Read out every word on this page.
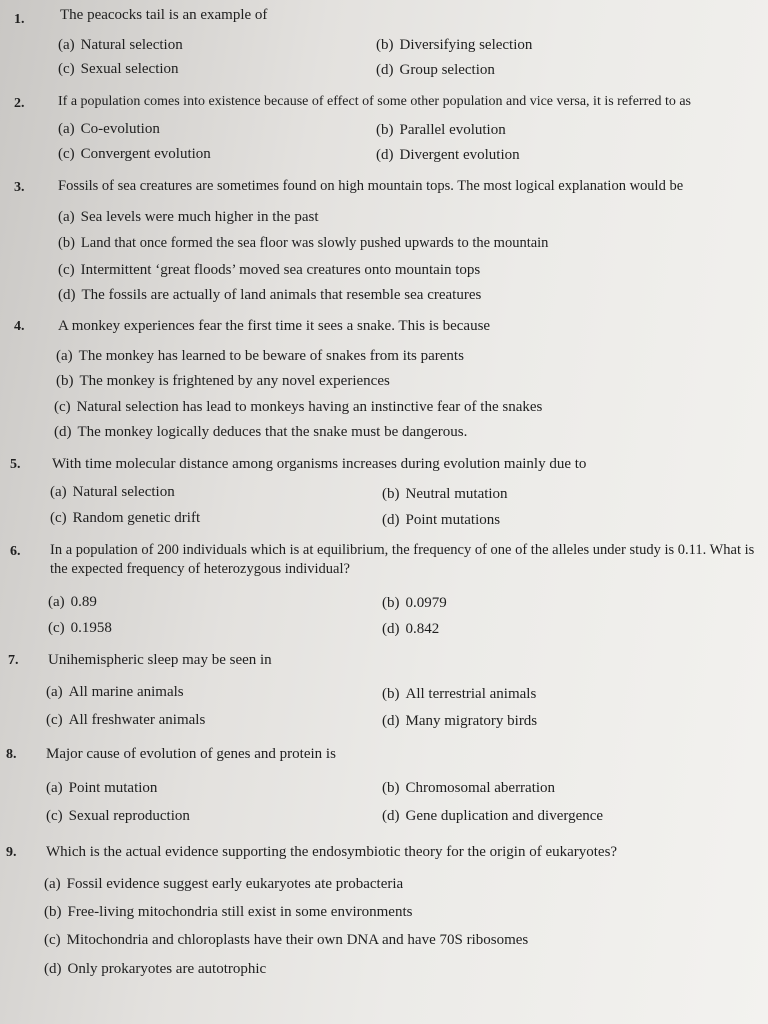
1. The peacocks tail is an example of
(a) Natural selection	(b) Diversifying selection
(c) Sexual selection	(d) Group selection
2. If a population comes into existence because of effect of some other population and vice versa, it is referred to as
(a) Co-evolution	(b) Parallel evolution
(c) Convergent evolution	(d) Divergent evolution
3. Fossils of sea creatures are sometimes found on high mountain tops. The most logical explanation would be
(a) Sea levels were much higher in the past
(b) Land that once formed the sea floor was slowly pushed upwards to the mountain
(c) Intermittent ‘great floods’ moved sea creatures onto mountain tops
(d) The fossils are actually of land animals that resemble sea creatures
4. A monkey experiences fear the first time it sees a snake. This is because
(a) The monkey has learned to be beware of snakes from its parents
(b) The monkey is frightened by any novel experiences
(c) Natural selection has lead to monkeys having an instinctive fear of the snakes
(d) The monkey logically deduces that the snake must be dangerous.
5. With time molecular distance among organisms increases during evolution mainly due to
(a) Natural selection	(b) Neutral mutation
(c) Random genetic drift	(d) Point mutations
6. In a population of 200 individuals which is at equilibrium, the frequency of one of the alleles under study is 0.11. What is the expected frequency of heterozygous individual?
(a) 0.89	(b) 0.0979
(c) 0.1958	(d) 0.842
7. Unihemispheric sleep may be seen in
(a) All marine animals	(b) All terrestrial animals
(c) All freshwater animals	(d) Many migratory birds
8. Major cause of evolution of genes and protein is
(a) Point mutation	(b) Chromosomal aberration
(c) Sexual reproduction	(d) Gene duplication and divergence
9. Which is the actual evidence supporting the endosymbiotic theory for the origin of eukaryotes?
(a) Fossil evidence suggest early eukaryotes ate probacteria
(b) Free-living mitochondria still exist in some environments
(c) Mitochondria and chloroplasts have their own DNA and have 70S ribosomes
(d) Only prokaryotes are autotrophic
